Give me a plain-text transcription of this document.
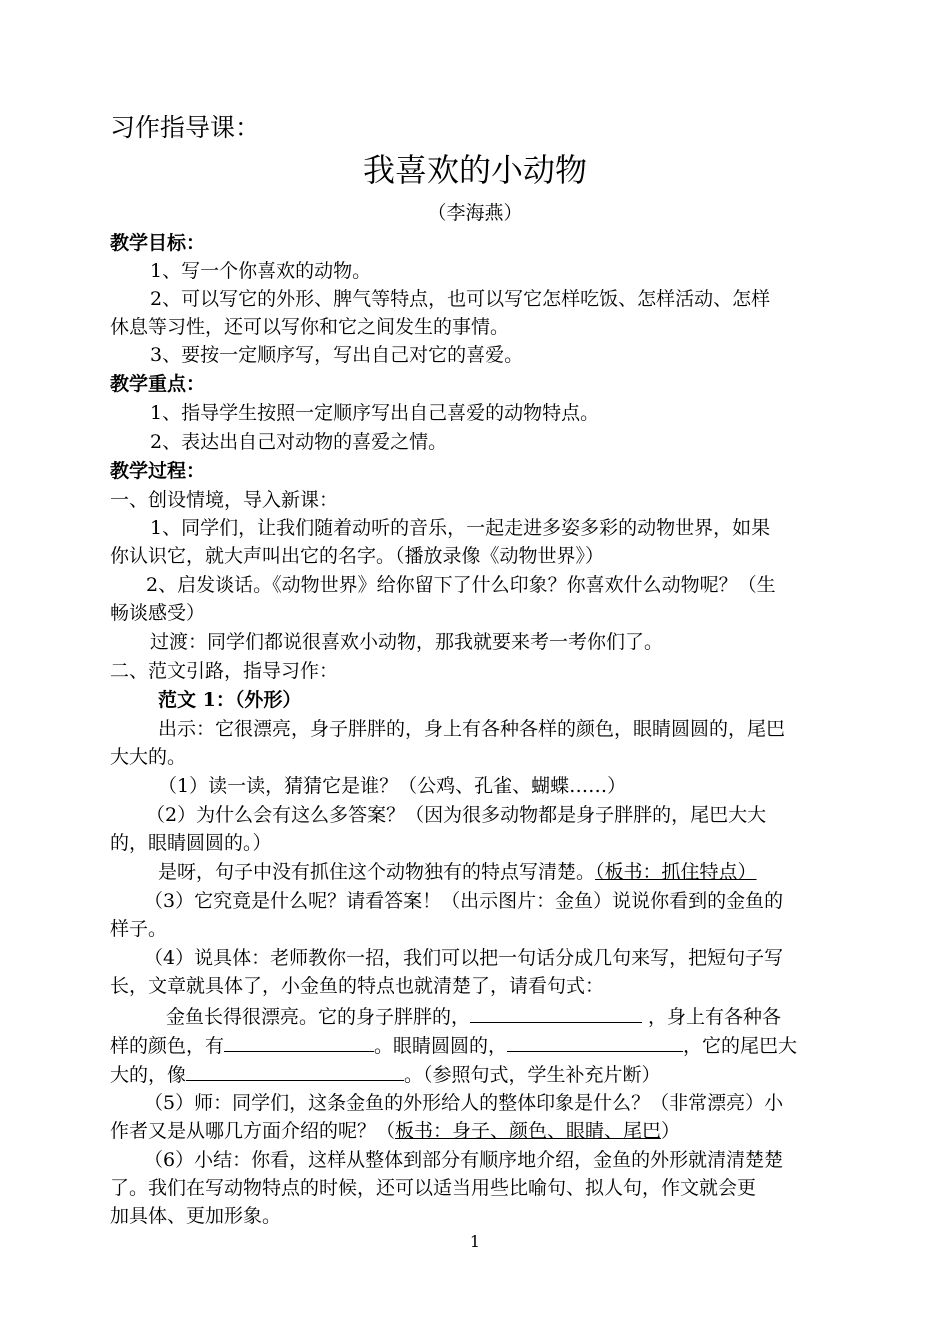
习作指导课：
我喜欢的小动物
（李海燕）
教学目标：
1、写一个你喜欢的动物。
2、可以写它的外形、脾气等特点，也可以写它怎样吃饭、怎样活动、怎样
休息等习性，还可以写你和它之间发生的事情。
3、要按一定顺序写，写出自己对它的喜爱。
教学重点：
1、指导学生按照一定顺序写出自己喜爱的动物特点。
2、表达出自己对动物的喜爱之情。
教学过程：
一、创设情境，导入新课：
1、同学们，让我们随着动听的音乐，一起走进多姿多彩的动物世界，如果
你认识它，就大声叫出它的名字。（播放录像《动物世界》）
2、启发谈话。《动物世界》给你留下了什么印象？你喜欢什么动物呢？（生
畅谈感受）
过渡：同学们都说很喜欢小动物，那我就要来考一考你们了。
二、范文引路，指导习作：
范文 1：（外形）
出示：它很漂亮，身子胖胖的，身上有各种各样的颜色，眼睛圆圆的，尾巴
大大的。
（1）读一读，猜猜它是谁？（公鸡、孔雀、蝴蝶……）
（2）为什么会有这么多答案？（因为很多动物都是身子胖胖的，尾巴大大
的，眼睛圆圆的。）
是呀，句子中没有抓住这个动物独有的特点写清楚。（板书：抓住特点）
（3）它究竟是什么呢？请看答案！（出示图片：金鱼）说说你看到的金鱼的
样子。
（4）说具体：老师教你一招，我们可以把一句话分成几句来写，把短句子写
长，文章就具体了，小金鱼的特点也就清楚了，请看句式：
金鱼长得很漂亮。它的身子胖胖的，	，身上有各种各
样的颜色，有	。眼睛圆圆的，	，它的尾巴大
大的，像	。（参照句式，学生补充片断）
（5）师：同学们，这条金鱼的外形给人的整体印象是什么？（非常漂亮）小
作者又是从哪几方面介绍的呢？（板书：身子、颜色、眼睛、尾巴）
（6）小结：你看，这样从整体到部分有顺序地介绍，金鱼的外形就清清楚楚
了。我们在写动物特点的时候，还可以适当用些比喻句、拟人句，作文就会更
加具体、更加形象。
1
